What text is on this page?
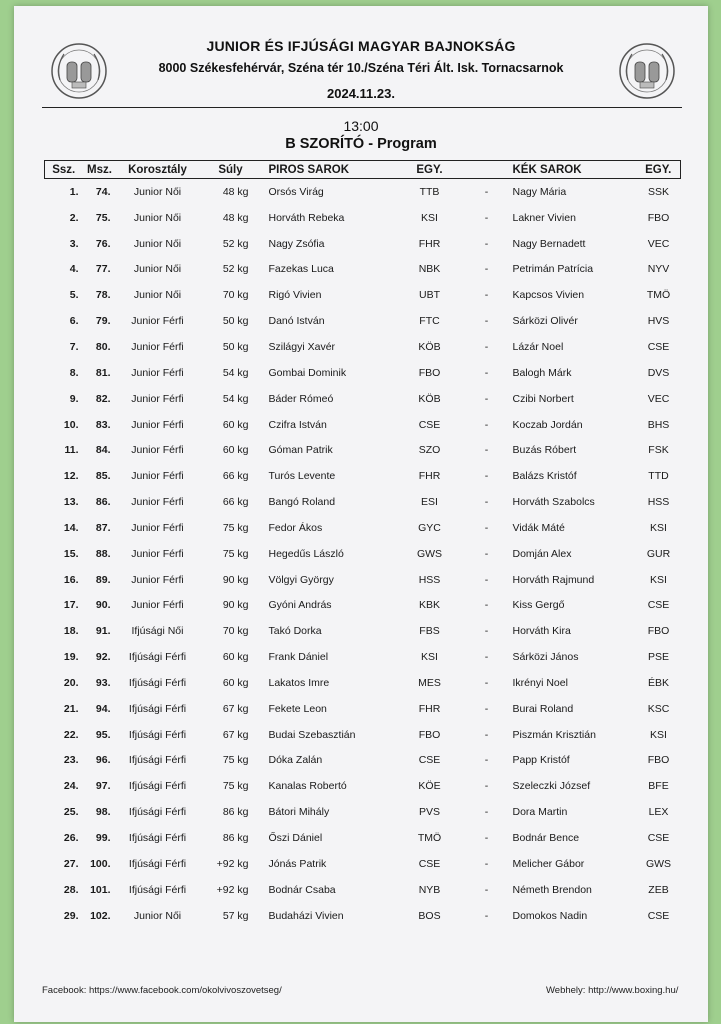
JUNIOR ÉS IFJÚSÁGI MAGYAR BAJNOKSÁG
8000 Székesfehérvár, Széna tér 10./Széna Téri Ált. Isk. Tornacsarnok
2024.11.23.
13:00
B SZORÍTÓ - Program
Ssz.	Msz.	Korosztály	Súly	PIROS SAROK	EGY.		KÉK SAROK	EGY.
1.	74.	Junior Női	48 kg	Orsós Virág	TTB	-	Nagy Mária	SSK
2.	75.	Junior Női	48 kg	Horváth Rebeka	KSI	-	Lakner Vivien	FBO
3.	76.	Junior Női	52 kg	Nagy Zsófia	FHR	-	Nagy Bernadett	VEC
4.	77.	Junior Női	52 kg	Fazekas Luca	NBK	-	Petrimán Patrícia	NYV
5.	78.	Junior Női	70 kg	Rigó Vivien	UBT	-	Kapcsos Vivien	TMÖ
6.	79.	Junior Férfi	50 kg	Danó István	FTC	-	Sárközi Olivér	HVS
7.	80.	Junior Férfi	50 kg	Szilágyi Xavér	KÖB	-	Lázár Noel	CSE
8.	81.	Junior Férfi	54 kg	Gombai Dominik	FBO	-	Balogh Márk	DVS
9.	82.	Junior Férfi	54 kg	Báder Rómeó	KÖB	-	Czibi Norbert	VEC
10.	83.	Junior Férfi	60 kg	Czifra István	CSE	-	Koczab Jordán	BHS
11.	84.	Junior Férfi	60 kg	Góman Patrik	SZO	-	Buzás Róbert	FSK
12.	85.	Junior Férfi	66 kg	Turós Levente	FHR	-	Balázs Kristóf	TTD
13.	86.	Junior Férfi	66 kg	Bangó Roland	ESI	-	Horváth Szabolcs	HSS
14.	87.	Junior Férfi	75 kg	Fedor Ákos	GYC	-	Vidák Máté	KSI
15.	88.	Junior Férfi	75 kg	Hegedűs László	GWS	-	Domján Alex	GUR
16.	89.	Junior Férfi	90 kg	Völgyi György	HSS	-	Horváth Rajmund	KSI
17.	90.	Junior Férfi	90 kg	Gyóni András	KBK	-	Kiss Gergő	CSE
18.	91.	Ifjúsági Női	70 kg	Takó Dorka	FBS	-	Horváth Kira	FBO
19.	92.	Ifjúsági Férfi	60 kg	Frank Dániel	KSI	-	Sárközi János	PSE
20.	93.	Ifjúsági Férfi	60 kg	Lakatos Imre	MES	-	Ikrényi Noel	ÉBK
21.	94.	Ifjúsági Férfi	67 kg	Fekete Leon	FHR	-	Burai Roland	KSC
22.	95.	Ifjúsági Férfi	67 kg	Budai Szebasztián	FBO	-	Piszmán Krisztián	KSI
23.	96.	Ifjúsági Férfi	75 kg	Dóka Zalán	CSE	-	Papp Kristóf	FBO
24.	97.	Ifjúsági Férfi	75 kg	Kanalas Robertó	KÖE	-	Szeleczki József	BFE
25.	98.	Ifjúsági Férfi	86 kg	Bátori Mihály	PVS	-	Dora Martin	LEX
26.	99.	Ifjúsági Férfi	86 kg	Őszi Dániel	TMÖ	-	Bodnár Bence	CSE
27.	100.	Ifjúsági Férfi	+92 kg	Jónás Patrik	CSE	-	Melicher Gábor	GWS
28.	101.	Ifjúsági Férfi	+92 kg	Bodnár Csaba	NYB	-	Németh Brendon	ZEB
29.	102.	Junior Női	57 kg	Budaházi Vivien	BOS	-	Domokos Nadin	CSE
Facebook: https://www.facebook.com/okolvivoszovetseg/	Webhely: http://www.boxing.hu/
